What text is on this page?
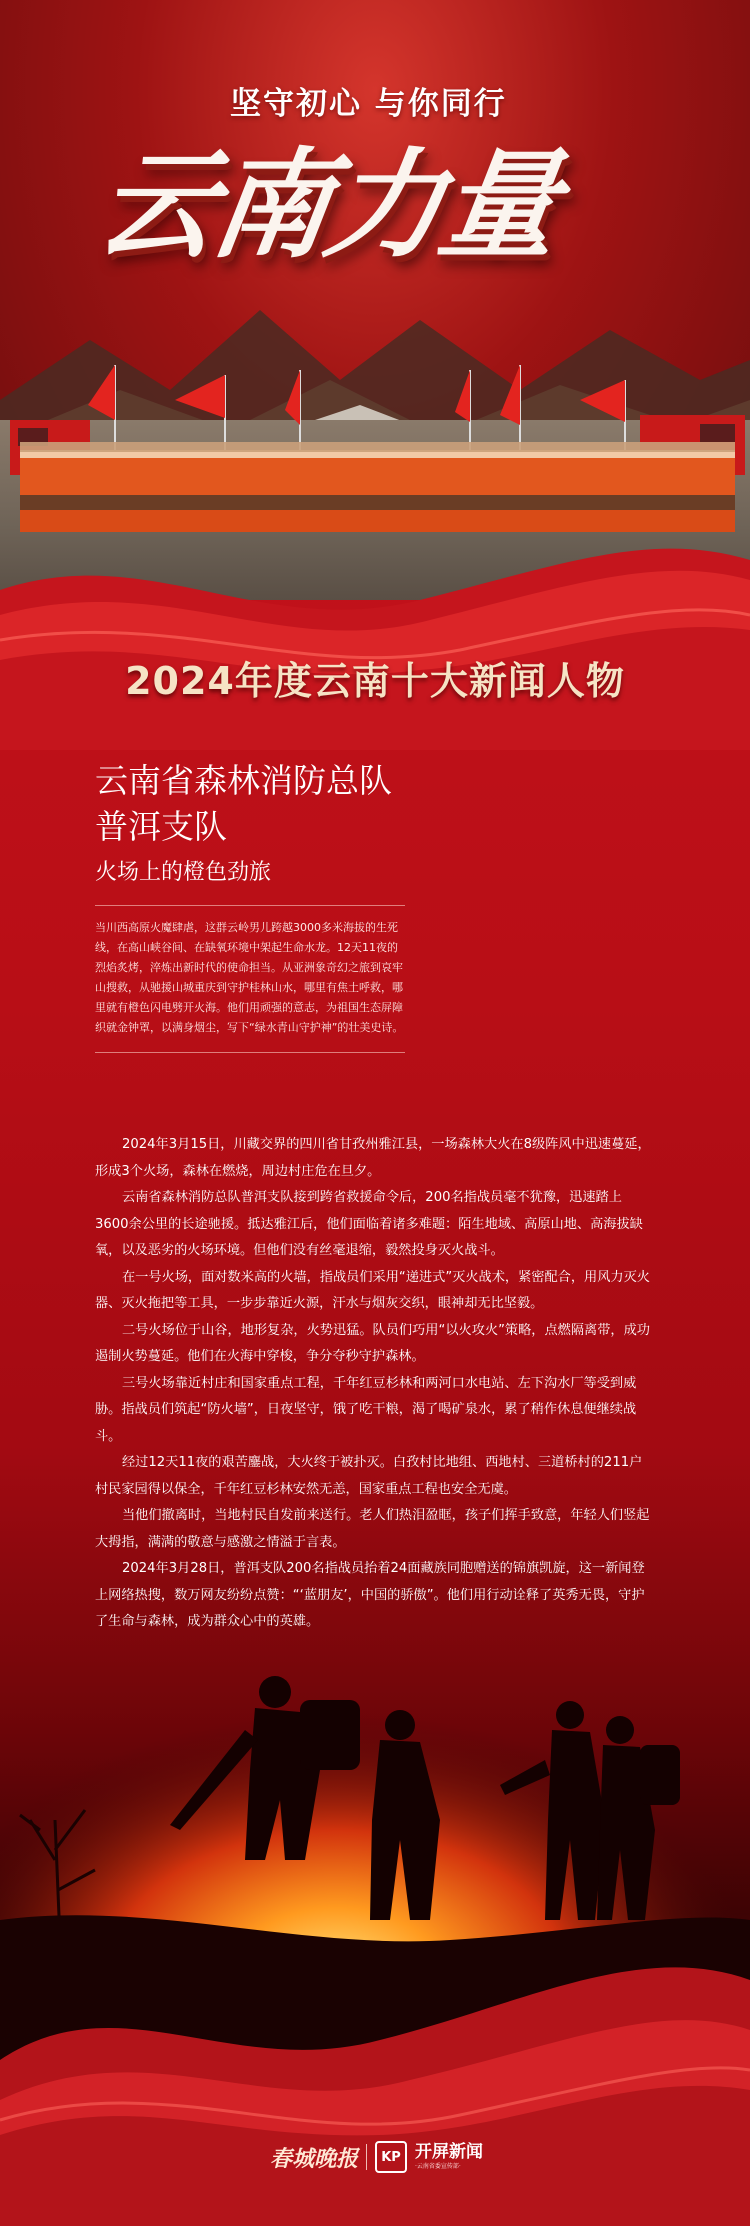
坚守初心 与你同行
云南力量
2024年度云南十大新闻人物
云南省森林消防总队
普洱支队
火场上的橙色劲旅
当川西高原火魔肆虐，这群云岭男儿跨越3000多米海拔的生死线，在高山峡谷间、在缺氧环境中架起生命水龙。12天11夜的烈焰炙烤，淬炼出新时代的使命担当。从亚洲象奇幻之旅到哀牢山搜救，从驰援山城重庆到守护桂林山水，哪里有焦土呼救，哪里就有橙色闪电劈开火海。他们用顽强的意志，为祖国生态屏障织就金钟罩，以满身烟尘，写下“绿水青山守护神”的壮美史诗。

2024年3月15日，川藏交界的四川省甘孜州雅江县，一场森林大火在8级阵风中迅速蔓延，形成3个火场，森林在燃烧，周边村庄危在旦夕。

云南省森林消防总队普洱支队接到跨省救援命令后，200名指战员毫不犹豫，迅速踏上3600余公里的长途驰援。抵达雅江后，他们面临着诸多难题：陌生地域、高原山地、高海拔缺氧，以及恶劣的火场环境。但他们没有丝毫退缩，毅然投身灭火战斗。

在一号火场，面对数米高的火墙，指战员们采用“递进式”灭火战术，紧密配合，用风力灭火器、灭火拖把等工具，一步步靠近火源，汗水与烟灰交织，眼神却无比坚毅。

二号火场位于山谷，地形复杂，火势迅猛。队员们巧用“以火攻火”策略，点燃隔离带，成功遏制火势蔓延。他们在火海中穿梭，争分夺秒守护森林。

三号火场靠近村庄和国家重点工程，千年红豆杉林和两河口水电站、左下沟水厂等受到威胁。指战员们筑起“防火墙”，日夜坚守，饿了吃干粮，渴了喝矿泉水，累了稍作休息便继续战斗。

经过12天11夜的艰苦鏖战，大火终于被扑灭。白孜村比地组、西地村、三道桥村的211户村民家园得以保全，千年红豆杉林安然无恙，国家重点工程也安全无虞。

当他们撤离时，当地村民自发前来送行。老人们热泪盈眶，孩子们挥手致意，年轻人们竖起大拇指，满满的敬意与感激之情溢于言表。

2024年3月28日，普洱支队200名指战员抬着24面藏族同胞赠送的锦旗凯旋，这一新闻登上网络热搜，数万网友纷纷点赞：“‘蓝朋友’，中国的骄傲”。他们用行动诠释了英秀无畏，守护

春城晚报	KP 开屏新闻
·云南省委宣传部·
